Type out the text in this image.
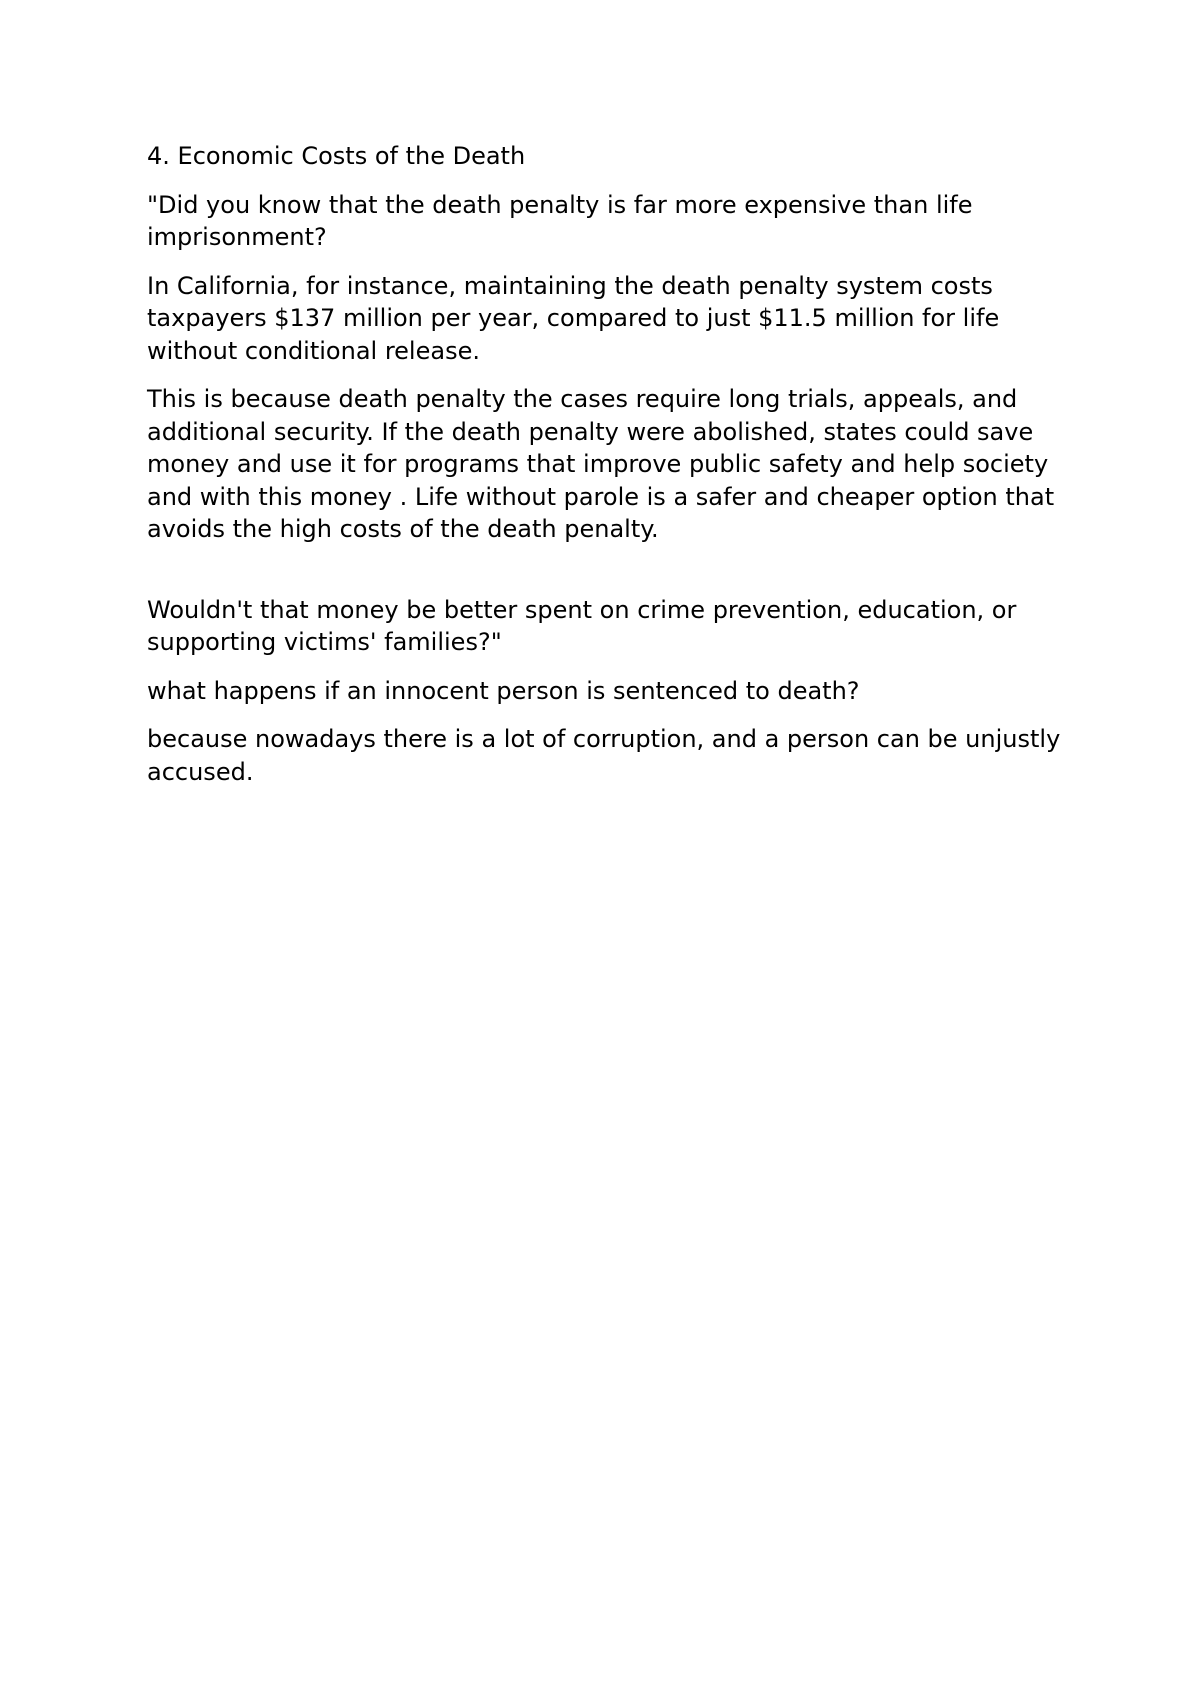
4. Economic Costs of the Death

"Did you know that the death penalty is far more expensive than life imprisonment?

In California, for instance, maintaining the death penalty system costs taxpayers $137 million per year, compared to just $11.5 million for life without conditional release.

This is because death penalty the cases require long trials, appeals, and additional security. If the death penalty were abolished, states could save money and use it for programs that improve public safety and help society and with this money . Life without parole is a safer and cheaper option that avoids the high costs of the death penalty.

Wouldn't that money be better spent on crime prevention, education, or supporting victims' families?"

what happens if an innocent person is sentenced to death?

because nowadays there is a lot of corruption, and a person can be unjustly accused.
